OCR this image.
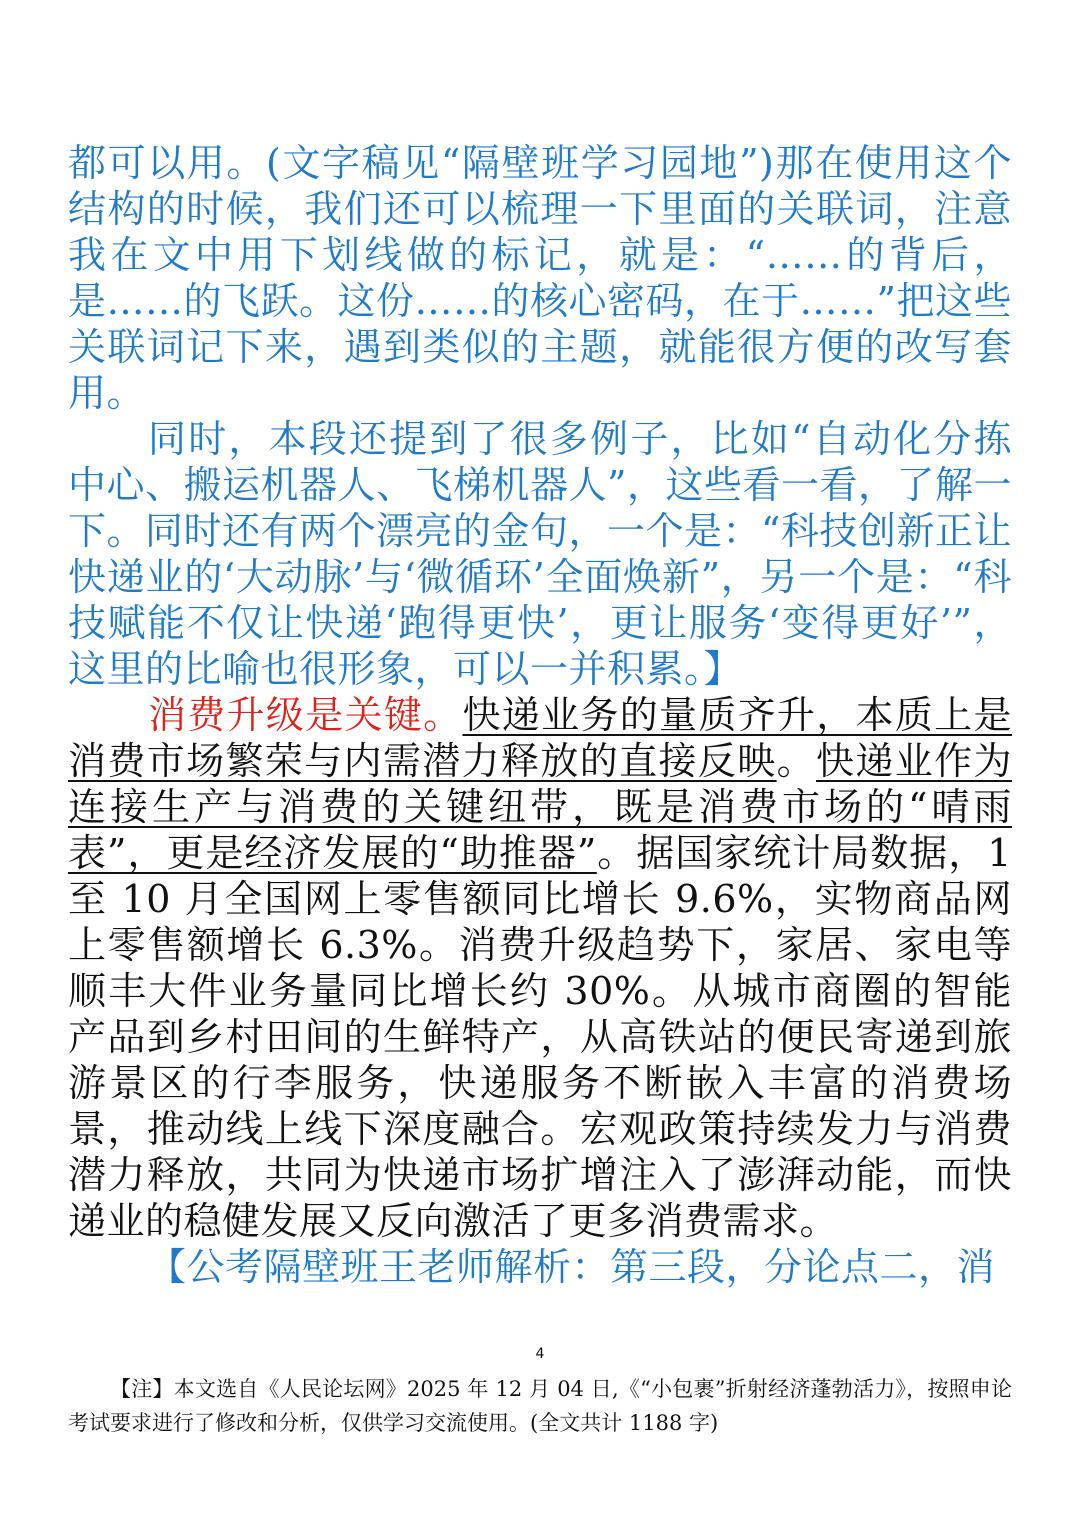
都可以用。(文字稿见“隔壁班学习园地”)那在使用这个结构的时候，我们还可以梳理一下里面的关联词，注意我在文中用下划线做的标记，就是：“……的背后，是……的飞跃。这份……的核心密码，在于……”把这些关联词记下来，遇到类似的主题，就能很方便的改写套用。

同时，本段还提到了很多例子，比如“自动化分拣中心、搬运机器人、飞梯机器人”，这些看一看，了解一下。同时还有两个漂亮的金句，一个是：“科技创新正让快递业的‘大动脉’与‘微循环’全面焕新”，另一个是：“科技赋能不仅让快递‘跑得更快’，更让服务‘变得更好’”，这里的比喻也很形象，可以一并积累。】

消费升级是关键。快递业务的量质齐升，本质上是消费市场繁荣与内需潜力释放的直接反映。快递业作为连接生产与消费的关键纽带，既是消费市场的“晴雨表”，更是经济发展的“助推器”。据国家统计局数据，1 至 10 月全国网上零售额同比增长 9.6%，实物商品网上零售额增长 6.3%。消费升级趋势下，家居、家电等顺丰大件业务量同比增长约 30%。从城市商圈的智能产品到乡村田间的生鲜特产，从高铁站的便民寄递到旅游景区的行李服务，快递服务不断嵌入丰富的消费场景，推动线上线下深度融合。宏观政策持续发力与消费潜力释放，共同为快递市场扩增注入了澎湃动能，而快递业的稳健发展又反向激活了更多消费需求。

【公考隔壁班王老师解析：第三段，分论点二，消

4
【注】本文选自《人民论坛网》2025 年 12 月 04 日,《“小包裹”折射经济蓬勃活力》，按照申论考试要求进行了修改和分析，仅供学习交流使用。(全文共计 1188 字)
